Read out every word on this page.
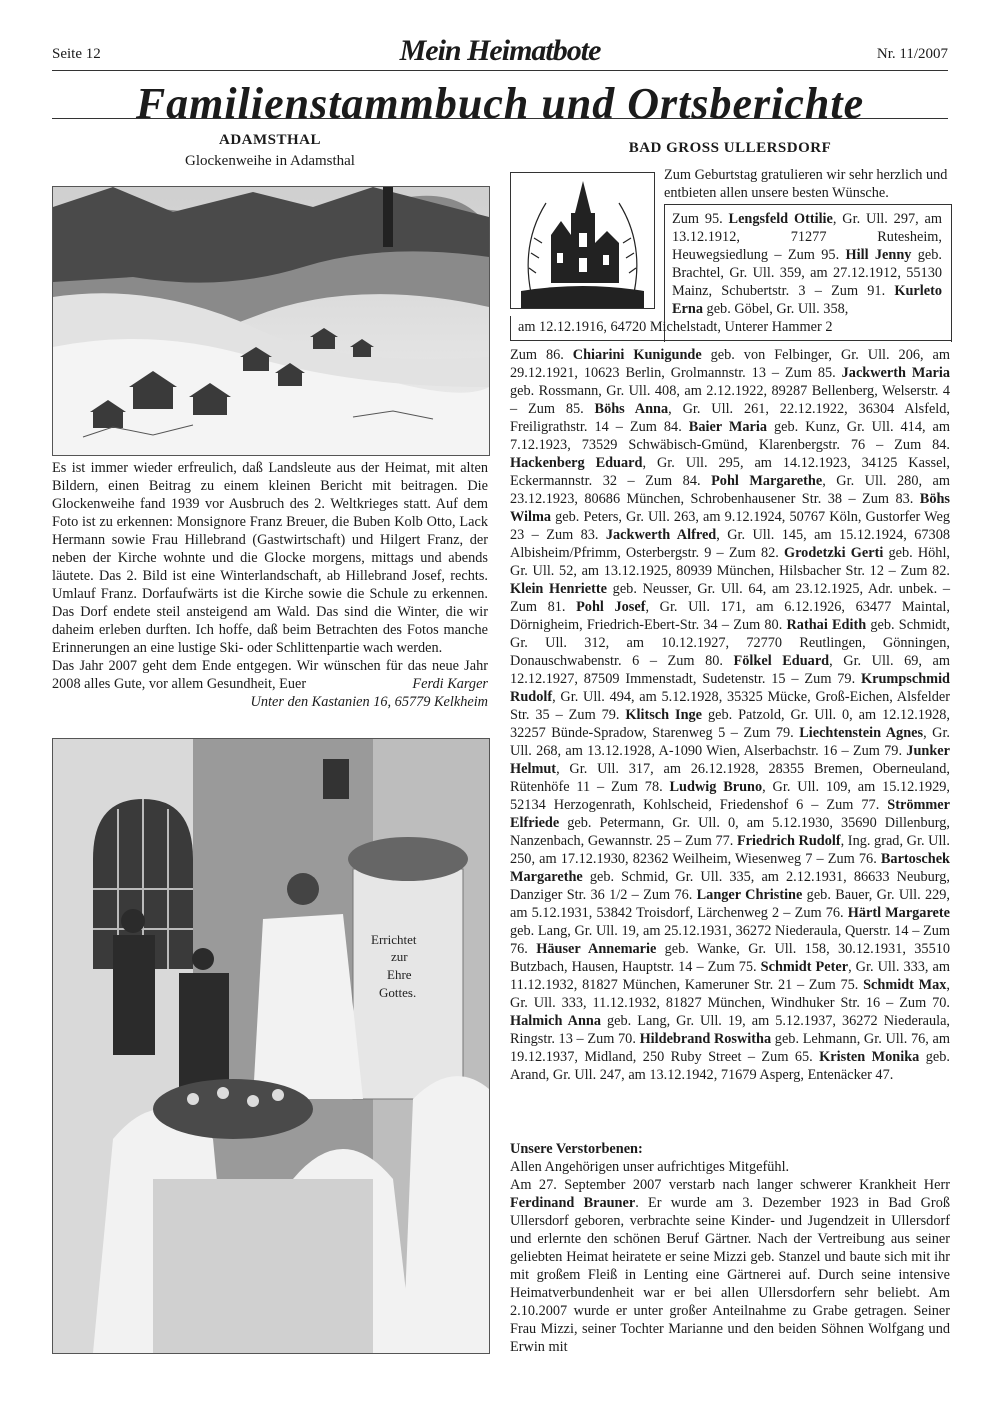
Seite 12	Mein Heimatbote	Nr. 11/2007
Familienstammbuch und Ortsberichte
ADAMSTHAL
Glockenweihe in Adamsthal
Es ist immer wieder erfreulich, daß Landsleute aus der Heimat, mit alten Bildern, einen Beitrag zu einem kleinen Bericht mit beitragen. Die Glockenweihe fand 1939 vor Ausbruch des 2. Weltkrieges statt. Auf dem Foto ist zu erkennen: Monsignore Franz Breuer, die Buben Kolb Otto, Lack Hermann sowie Frau Hillebrand (Gastwirtschaft) und Hilgert Franz, der neben der Kirche wohnte und die Glocke morgens, mittags und abends läutete. Das 2. Bild ist eine Winterlandschaft, ab Hillebrand Josef, rechts. Umlauf Franz. Dorfaufwärts ist die Kirche sowie die Schule zu erkennen. Das Dorf endete steil ansteigend am Wald. Das sind die Winter, die wir daheim erleben durften. Ich hoffe, daß beim Betrachten des Fotos manche Erinnerungen an eine lustige Ski- oder Schlittenpartie wach werden.
Das Jahr 2007 geht dem Ende entgegen. Wir wünschen für das neue Jahr 2008 alles Gute, vor allem Gesundheit, Euer	Ferdi Karger
Unter den Kastanien 16, 65779 Kelkheim
Errichtet
zur
Ehre
Gottes.
BAD GROSS ULLERSDORF
Zum Geburtstag gratulieren wir sehr herzlich und entbieten allen unsere besten Wünsche.
Zum 95. Lengsfeld Ottilie, Gr. Ull. 297, am 13.12.1912, 71277 Rutesheim, Heuwegsiedlung – Zum 95. Hill Jenny geb. Brachtel, Gr. Ull. 359, am 27.12.1912, 55130 Mainz, Schubertstr. 3 – Zum 91. Kurleto Erna geb. Göbel, Gr. Ull. 358,
am 12.12.1916, 64720 Michelstadt, Unterer Hammer 2
Zum 86. Chiarini Kunigunde geb. von Felbinger, Gr. Ull. 206, am 29.12.1921, 10623 Berlin, Grolmannstr. 13 – Zum 85. Jackwerth Maria geb. Rossmann, Gr. Ull. 408, am 2.12.1922, 89287 Bellenberg, Welserstr. 4 – Zum 85. Böhs Anna, Gr. Ull. 261, 22.12.1922, 36304 Alsfeld, Freiligrathstr. 14 – Zum 84. Baier Maria geb. Kunz, Gr. Ull. 414, am 7.12.1923, 73529 Schwäbisch-Gmünd, Klarenbergstr. 76 – Zum 84. Hackenberg Eduard, Gr. Ull. 295, am 14.12.1923, 34125 Kassel, Eckermannstr. 32 – Zum 84. Pohl Margarethe, Gr. Ull. 280, am 23.12.1923, 80686 München, Schrobenhausener Str. 38 – Zum 83. Böhs Wilma geb. Peters, Gr. Ull. 263, am 9.12.1924, 50767 Köln, Gustorfer Weg 23 – Zum 83. Jackwerth Alfred, Gr. Ull. 145, am 15.12.1924, 67308 Albisheim/Pfrimm, Osterbergstr. 9 – Zum 82. Grodetzki Gerti geb. Höhl, Gr. Ull. 52, am 13.12.1925, 80939 München, Hilsbacher Str. 12 – Zum 82. Klein Henriette geb. Neusser, Gr. Ull. 64, am 23.12.1925, Adr. unbek. – Zum 81. Pohl Josef, Gr. Ull. 171, am 6.12.1926, 63477 Maintal, Dörnigheim, Friedrich-Ebert-Str. 34 – Zum 80. Rathai Edith geb. Schmidt, Gr. Ull. 312, am 10.12.1927, 72770 Reutlingen, Gönningen, Donauschwabenstr. 6 – Zum 80. Fölkel Eduard, Gr. Ull. 69, am 12.12.1927, 87509 Immenstadt, Sudetenstr. 15 – Zum 79. Krumpschmid Rudolf, Gr. Ull. 494, am 5.12.1928, 35325 Mücke, Groß-Eichen, Alsfelder Str. 35 – Zum 79. Klitsch Inge geb. Patzold, Gr. Ull. 0, am 12.12.1928, 32257 Bünde-Spradow, Starenweg 5 – Zum 79. Liechtenstein Agnes, Gr. Ull. 268, am 13.12.1928, A-1090 Wien, Alserbachstr. 16 – Zum 79. Junker Helmut, Gr. Ull. 317, am 26.12.1928, 28355 Bremen, Oberneuland, Rütenhöfe 11 – Zum 78. Ludwig Bruno, Gr. Ull. 109, am 15.12.1929, 52134 Herzogenrath, Kohlscheid, Friedenshof 6 – Zum 77. Strömmer Elfriede geb. Petermann, Gr. Ull. 0, am 5.12.1930, 35690 Dillenburg, Nanzenbach, Gewannstr. 25 – Zum 77. Friedrich Rudolf, Ing. grad, Gr. Ull. 250, am 17.12.1930, 82362 Weilheim, Wiesenweg 7 – Zum 76. Bartoschek Margarethe geb. Schmid, Gr. Ull. 335, am 2.12.1931, 86633 Neuburg, Danziger Str. 36 1/2 – Zum 76. Langer Christine geb. Bauer, Gr. Ull. 229, am 5.12.1931, 53842 Troisdorf, Lärchenweg 2 – Zum 76. Härtl Margarete geb. Lang, Gr. Ull. 19, am 25.12.1931, 36272 Niederaula, Querstr. 14 – Zum 76. Häuser Annemarie geb. Wanke, Gr. Ull. 158, 30.12.1931, 35510 Butzbach, Hausen, Hauptstr. 14 – Zum 75. Schmidt Peter, Gr. Ull. 333, am 11.12.1932, 81827 München, Kameruner Str. 21 – Zum 75. Schmidt Max, Gr. Ull. 333, 11.12.1932, 81827 München, Windhuker Str. 16 – Zum 70. Halmich Anna geb. Lang, Gr. Ull. 19, am 5.12.1937, 36272 Niederaula, Ringstr. 13 – Zum 70. Hildebrand Roswitha geb. Lehmann, Gr. Ull. 76, am 19.12.1937, Midland, 250 Ruby Street – Zum 65. Kristen Monika geb. Arand, Gr. Ull. 247, am 13.12.1942, 71679 Asperg, Entenäcker 47.
Unsere Verstorbenen:
Allen Angehörigen unser aufrichtiges Mitgefühl.
Am 27. September 2007 verstarb nach langer schwerer Krankheit Herr Ferdinand Brauner. Er wurde am 3. Dezember 1923 in Bad Groß Ullersdorf geboren, verbrachte seine Kinder- und Jugendzeit in Ullersdorf und erlernte den schönen Beruf Gärtner. Nach der Vertreibung aus seiner geliebten Heimat heiratete er seine Mizzi geb. Stanzel und baute sich mit ihr mit großem Fleiß in Lenting eine Gärtnerei auf. Durch seine intensive Heimatverbundenheit war er bei allen Ullersdorfern sehr beliebt. Am 2.10.2007 wurde er unter großer Anteilnahme zu Grabe getragen. Seiner Frau Mizzi, seiner Tochter Marianne und den beiden Söhnen Wolfgang und Erwin mit
